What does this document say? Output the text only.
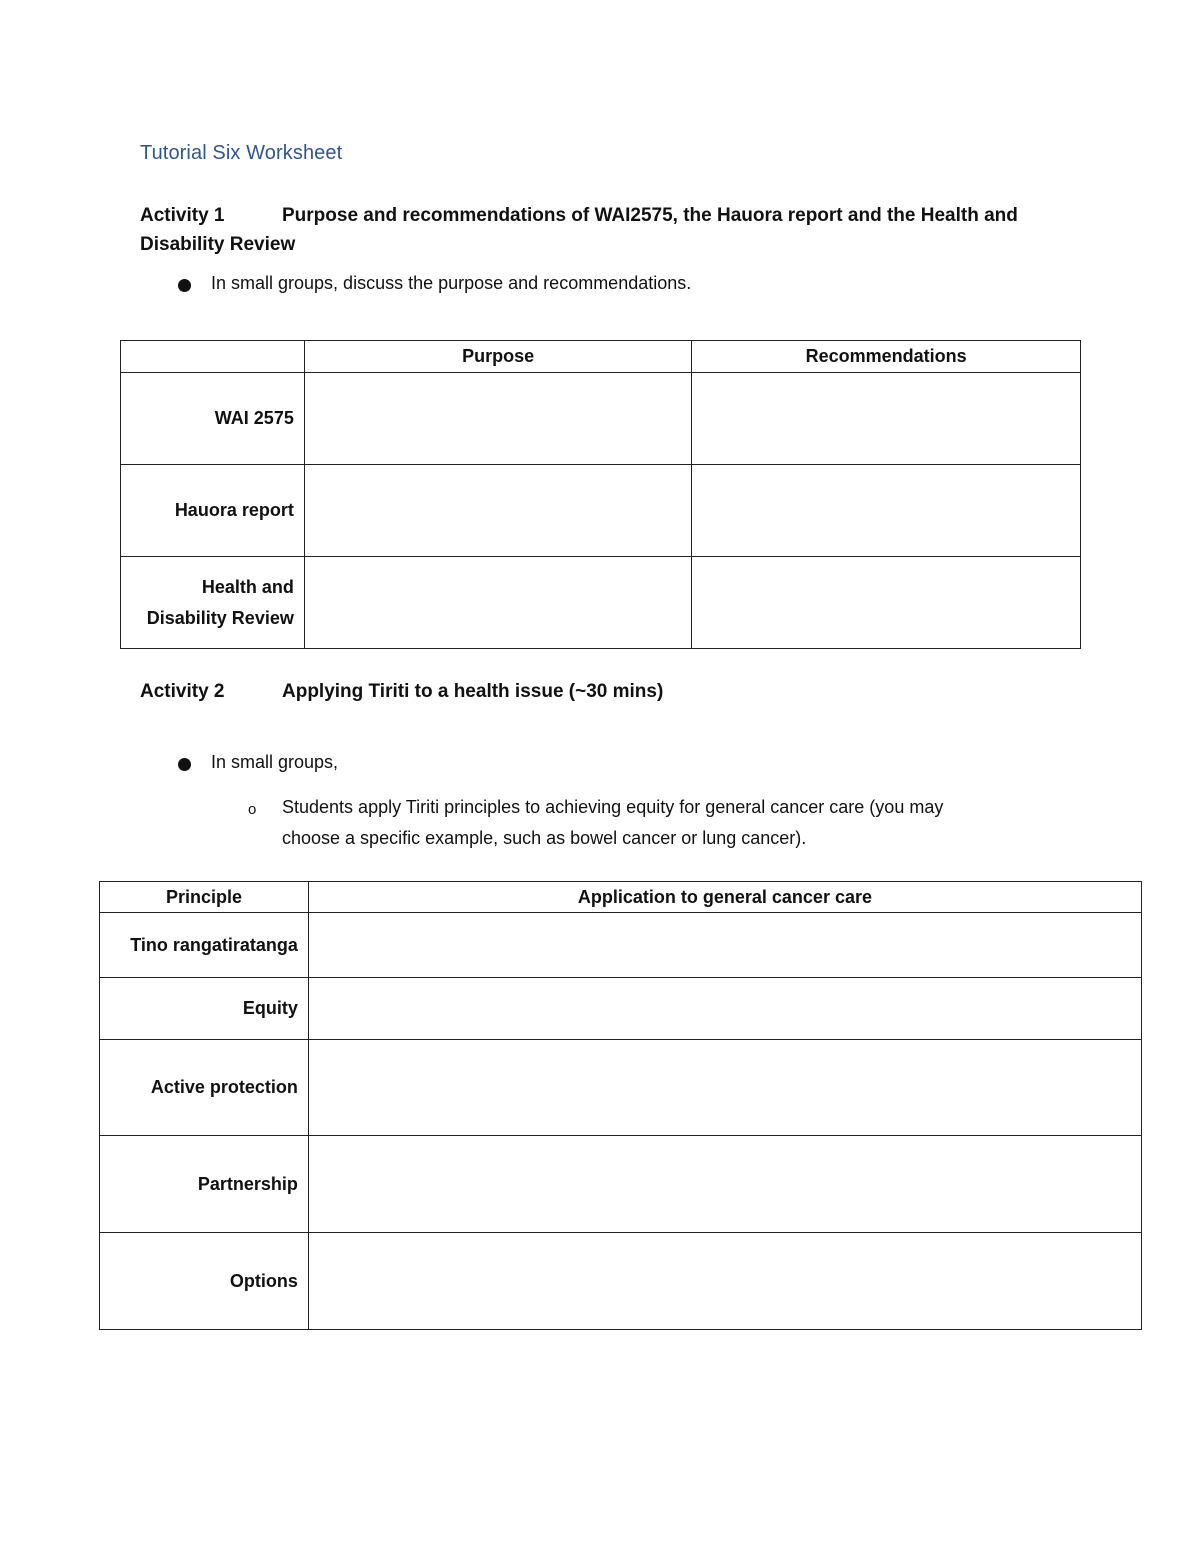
Tutorial Six Worksheet
Activity 1	Purpose and recommendations of WAI2575, the Hauora report and the Health and
Disability Review
In small groups, discuss the purpose and recommendations.
	Purpose	Recommendations
WAI 2575		
Hauora report		

Health and
Disability Review		

Activity 2	Applying Tiriti to a health issue (~30 mins)
In small groups,
o	Students apply Tiriti principles to achieving equity for general cancer care (you may
choose a specific example, such as bowel cancer or lung cancer).
Principle	Application to general cancer care
Tino rangatiratanga	
Equity	
Active protection	
Partnership	
Options	
